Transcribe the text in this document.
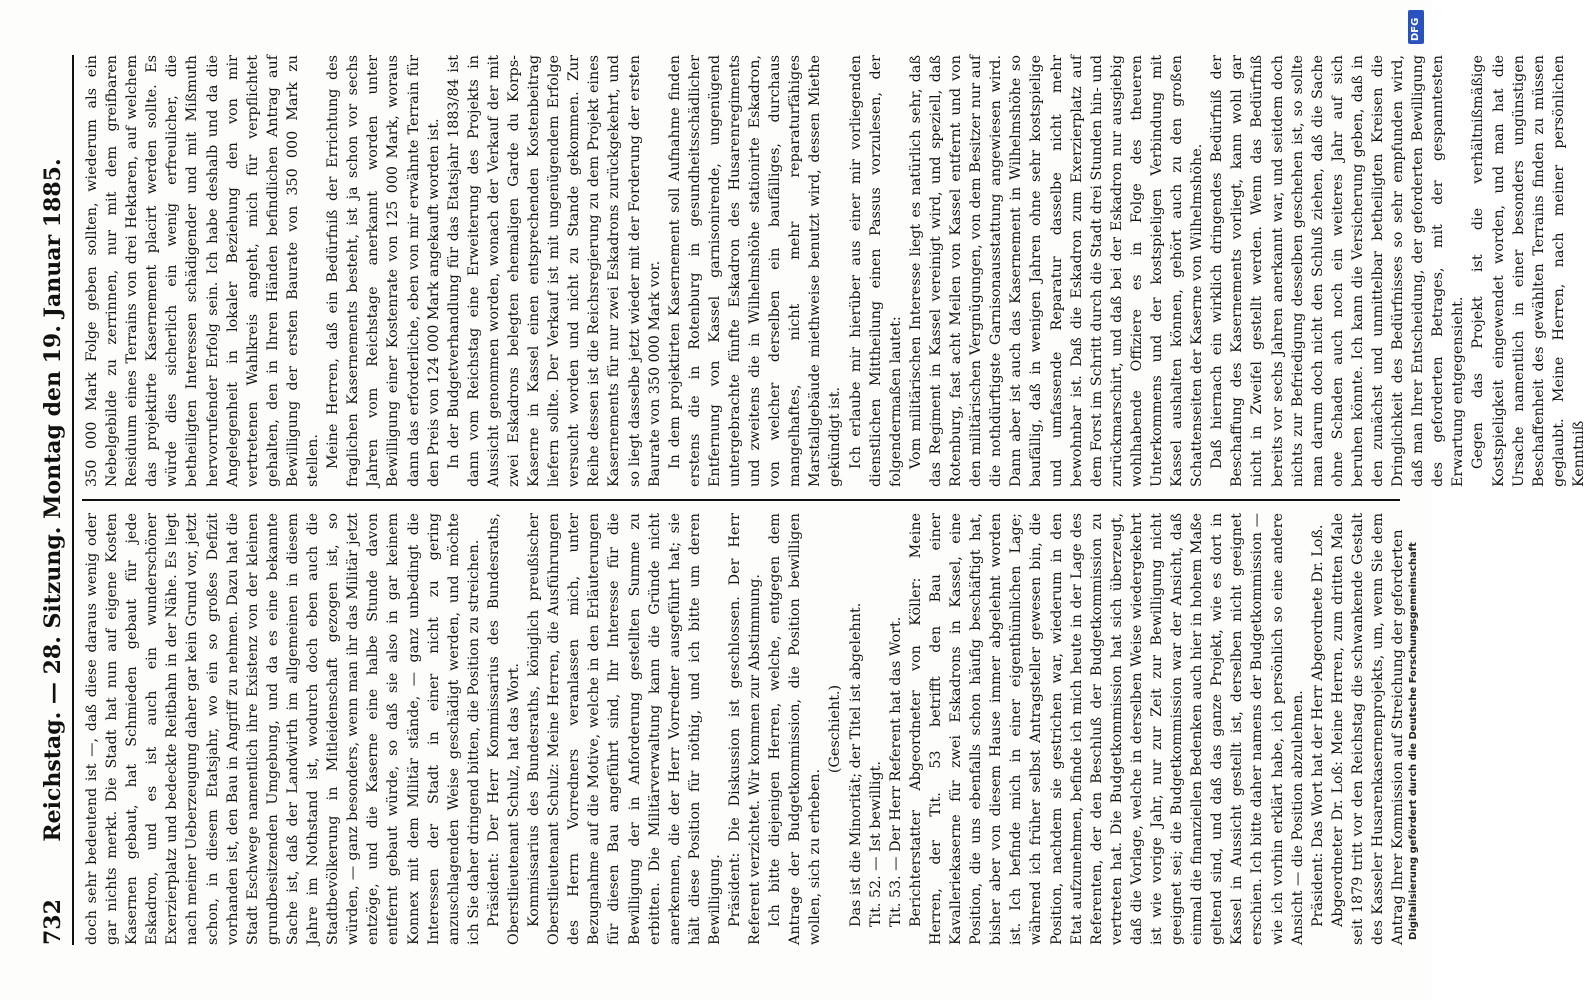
732
Reichstag. — 28. Sitzung. Montag den 19. Januar 1885. doch sehr bedeutend ist —, daß diese daraus wenig oder gar nichts merkt. Die Stadt hat nun auf eigene Kosten Kasernen gebaut, hat Schmieden gebaut für jede Eskadron, und es ist auch ein wunderschöner Exerzierplatz und bedeckte Reitbahn in der Nähe. Es liegt nach meiner Ueberzeugung daher gar kein Grund vor, jetzt schon, in diesem Etatsjahr, wo ein so großes Defizit vorhanden ist, den Bau in Angriff zu nehmen. Dazu hat die Stadt Eschwege namentlich ihre Existenz von der kleinen grundbesitzenden Umgebung, und da es eine bekannte Sache ist, daß der Landwirth im allgemeinen in diesem Jahre im Nothstand ist, wodurch doch eben auch die Stadtbevölkerung in Mitleidenschaft gezogen ist, so würden, — ganz besonders, wenn man ihr das Militär jetzt entzöge, und die Kaserne eine halbe Stunde davon entfernt gebaut würde, so daß sie also in gar keinem Konnex mit dem Militär stände, — ganz unbedingt die Interessen der Stadt in einer nicht zu gering anzuschlagenden Weise geschädigt werden, und möchte ich Sie daher dringend bitten, die Position zu streichen. Präsident: Der Herr Kommissarius des Bundesraths, Oberstlieutenant Schulz, hat das Wort. Kommissarius des Bundesraths, königlich preußischer Oberstlieutenant Schulz: Meine Herren, die Ausführungen des Herrn Vorredners veranlassen mich, unter Bezugnahme auf die Motive, welche in den Erläuterungen für diesen Bau angeführt sind, Ihr Interesse für die Bewilligung der in Anforderung gestellten Summe zu erbitten. Die Militärverwaltung kann die Gründe nicht anerkennen, die der Herr Vorredner ausgeführt hat; sie hält diese Position für nöthig, und ich bitte um deren Bewilligung. Präsident: Die Diskussion ist geschlossen. Der Herr Referent verzichtet. Wir kommen zur Abstimmung. Ich bitte diejenigen Herren, welche, entgegen dem Antrage der Budgetkommission, die Position bewilligen wollen, sich zu erheben.

(Geschieht.) Das ist die Minorität; der Titel ist abgelehnt. Tit. 52. — Ist bewilligt. Tit. 53. — Der Herr Referent hat das Wort. Berichterstatter Abgeordneter von Köller: Meine Herren, der Tit. 53 betrifft den Bau einer Kavalleriekaserne für zwei Eskadrons in Kassel, eine Position, die uns ebenfalls schon häufig beschäftigt hat, bisher aber von diesem Hause immer abgelehnt worden ist. Ich befinde mich in einer eigenthümlichen Lage; während ich früher selbst Antragsteller gewesen bin, die Position, nachdem sie gestrichen war, wiederum in den Etat aufzunehmen, befinde ich mich heute in der Lage des Referenten, der den Beschluß der Budgetkommission zu vertreten hat. Die Budgetkommission hat sich überzeugt, daß die Vorlage, welche in derselben Weise wiedergekehrt ist wie vorige Jahr, nur zur Zeit zur Bewilligung nicht geeignet sei; die Budgetkommission war der Ansicht, daß einmal die finanziellen Bedenken auch hier in hohem Maße geltend sind, und daß das ganze Projekt, wie es dort in Kassel in Aussicht gestellt ist, derselben nicht geeignet erschien. Ich bitte daher namens der Budgetkommission — wie ich vorhin erklärt habe, ich persönlich so eine andere Ansicht — die Position abzulehnen. Präsident: Das Wort hat der Herr Abgeordnete Dr. Loß. Abgeordneter Dr. Loß: Meine Herren, zum dritten Male seit 1879 tritt vor den Reichstag die schwankende Gestalt des Kasseler Husarenkasernenprojekts, um, wenn Sie dem Antrag Ihrer Kommission auf Streichung der geforderten

350 000 Mark Folge geben sollten, wiederum als ein Nebelgebilde zu zerrinnen, nur mit dem greifbaren Residuum eines Terrains von drei Hektaren, auf welchem das projektirte Kasernement placirt werden sollte. Es würde dies sicherlich ein wenig erfreulicher, die betheiligten Interessen schädigender und mit Mißmuth hervorrufender Erfolg sein. Ich habe deshalb und da die Angelegenheit in lokaler Beziehung den von mir vertretenen Wahlkreis angeht, mich für verpflichtet gehalten, den in Ihren Händen befindlichen Antrag auf Bewilligung der ersten Baurate von 350 000 Mark zu stellen. Meine Herren, daß ein Bedürfniß der Errichtung des fraglichen Kasernements besteht, ist ja schon vor sechs Jahren vom Reichstage anerkannt worden unter Bewilligung einer Kostenrate von 125 000 Mark, woraus dann das erforderliche, eben von mir erwähnte Terrain für den Preis von 124 000 Mark angekauft worden ist. In der Budgetverhandlung für das Etatsjahr 1883/84 ist dann vom Reichstag eine Erweiterung des Projekts in Aussicht genommen worden, wonach der Verkauf der mit zwei Eskadrons belegten ehemaligen Garde du Korps-Kaserne in Kassel einen entsprechenden Kostenbeitrag liefern sollte. Der Verkauf ist mit ungenügendem Erfolge versucht worden und nicht zu Stande gekommen. Zur Reihe dessen ist die Reichsregierung zu dem Projekt eines Kasernements für nur zwei Eskadrons zurückgekehrt, und so liegt dasselbe jetzt wieder mit der Forderung der ersten Baurate von 350 000 Mark vor. In dem projektirten Kasernement soll Aufnahme finden erstens die in Rotenburg in gesundheitsschädlicher Entfernung von Kassel garnisonirende, ungenügend untergebrachte fünfte Eskadron des Husarenregiments und zweitens die in Wilhelmshöhe stationirte Eskadron, von welcher derselben ein baufälliges, durchaus mangelhaftes, nicht mehr reparaturfähiges Marstallgebäude miethweise benutzt wird, dessen Miethe gekündigt ist. Ich erlaube mir hierüber aus einer mir vorliegenden dienstlichen Mittheilung einen Passus vorzulesen, der folgendermaßen lautet: Vom militärischen Interesse liegt es natürlich sehr, daß das Regiment in Kassel vereinigt wird, und speziell, daß Rotenburg, fast acht Meilen von Kassel entfernt und von den militärischen Vergnügungen, von dem Besitzer nur auf die nothdürftigste Garnisonausstattung angewiesen wird. Dann aber ist auch das Kasernement in Wilhelmshöhe so baufällig, daß in wenigen Jahren ohne sehr kostspielige und umfassende Reparatur dasselbe nicht mehr bewohnbar ist. Daß die Eskadron zum Exerzierplatz auf dem Forst im Schritt durch die Stadt drei Stunden hin- und zurückmarschirt, und daß bei der Eskadron nur ausgiebig wohlhabende Offiziere es in Folge des theueren Unterkommens und der kostspieligen Verbindung mit Kassel aushalten können, gehört auch zu den großen Schattenseiten der Kaserne von Wilhelmshöhe. Daß hiernach ein wirklich dringendes Bedürfniß der Beschaffung des Kasernements vorliegt, kann wohl gar nicht in Zweifel gestellt werden. Wenn das Bedürfniß bereits vor sechs Jahren anerkannt war, und seitdem doch nichts zur Befriedigung desselben geschehen ist, so sollte man darum doch nicht den Schluß ziehen, daß die Sache ohne Schaden auch noch ein weiteres Jahr auf sich beruhen könnte. Ich kann die Versicherung geben, daß in den zunächst und unmittelbar betheiligten Kreisen die Dringlichkeit des Bedürfnisses so sehr empfunden wird, daß man Ihrer Entscheidung, der geforderten Bewilligung des geforderten Betrages, mit der gespanntesten Erwartung entgegensieht. Gegen das Projekt ist die verhältnißmäßige Kostspieligkeit eingewendet worden, und man hat die Ursache namentlich in einer besonders ungünstigen Beschaffenheit des gewählten Terrains finden zu müssen geglaubt. Meine Herren, nach meiner persönlichen Kenntniß

DFG
Digitalisierung gefördert durch die Deutsche Forschungsgemeinschaft
